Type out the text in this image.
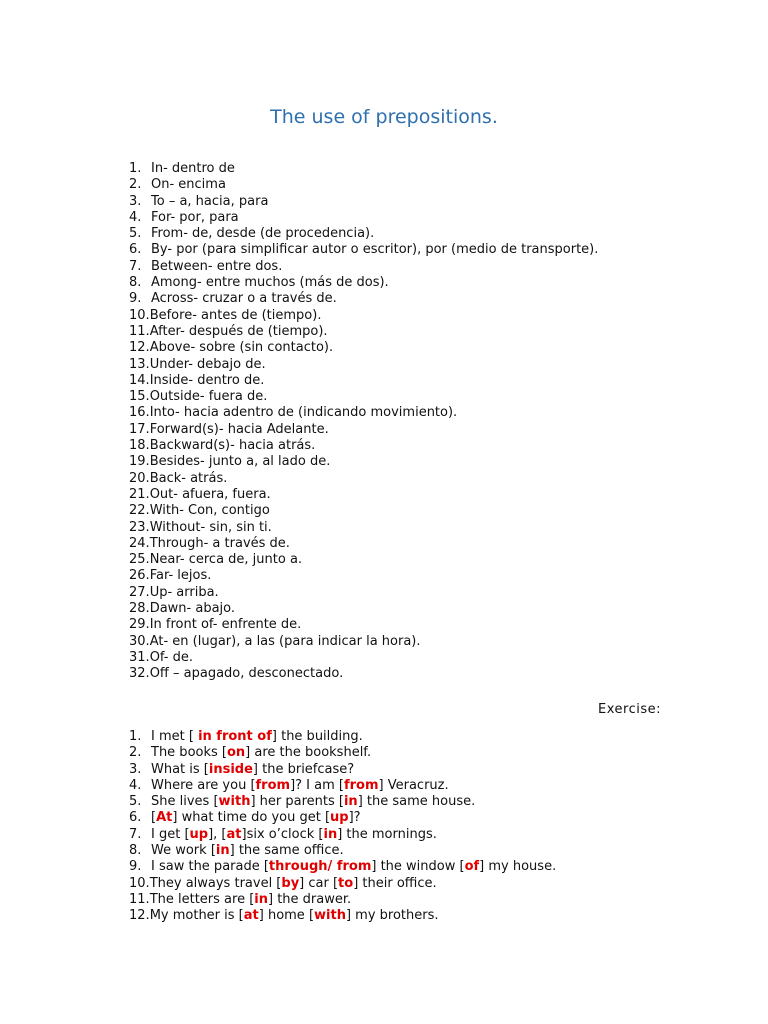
The use of prepositions.
1. In- dentro de
2. On- encima
3. To – a, hacia, para
4. For- por, para
5. From- de, desde (de procedencia).
6. By- por (para simplificar autor o escritor), por (medio de transporte).
7. Between- entre dos.
8. Among- entre muchos (más de dos).
9. Across- cruzar o a través de.
10.Before- antes de (tiempo).
11.After- después de (tiempo).
12.Above- sobre (sin contacto).
13.Under- debajo de.
14.Inside- dentro de.
15.Outside- fuera de.
16.Into- hacia adentro de (indicando movimiento).
17.Forward(s)- hacia Adelante.
18.Backward(s)- hacia atrás.
19.Besides- junto a, al lado de.
20.Back- atrás.
21.Out- afuera, fuera.
22.With- Con, contigo
23.Without- sin, sin ti.
24.Through- a través de.
25.Near- cerca de, junto a.
26.Far- lejos.
27.Up- arriba.
28.Dawn- abajo.
29.In front of- enfrente de.
30.At- en (lugar), a las (para indicar la hora).
31.Of- de.
32.Off – apagado, desconectado.
Exercise:
1. I met [ in front of] the building.
2. The books [on] are the bookshelf.
3. What is [inside] the briefcase?
4. Where are you [from]? I am [from] Veracruz.
5. She lives [with] her parents [in] the same house.
6. [At] what time do you get [up]?
7. I get [up], [at]six o’clock [in] the mornings.
8. We work [in] the same office.
9. I saw the parade [through/ from] the window [of] my house.
10.They always travel [by] car [to] their office.
11.The letters are [in] the drawer.
12.My mother is [at] home [with] my brothers.
